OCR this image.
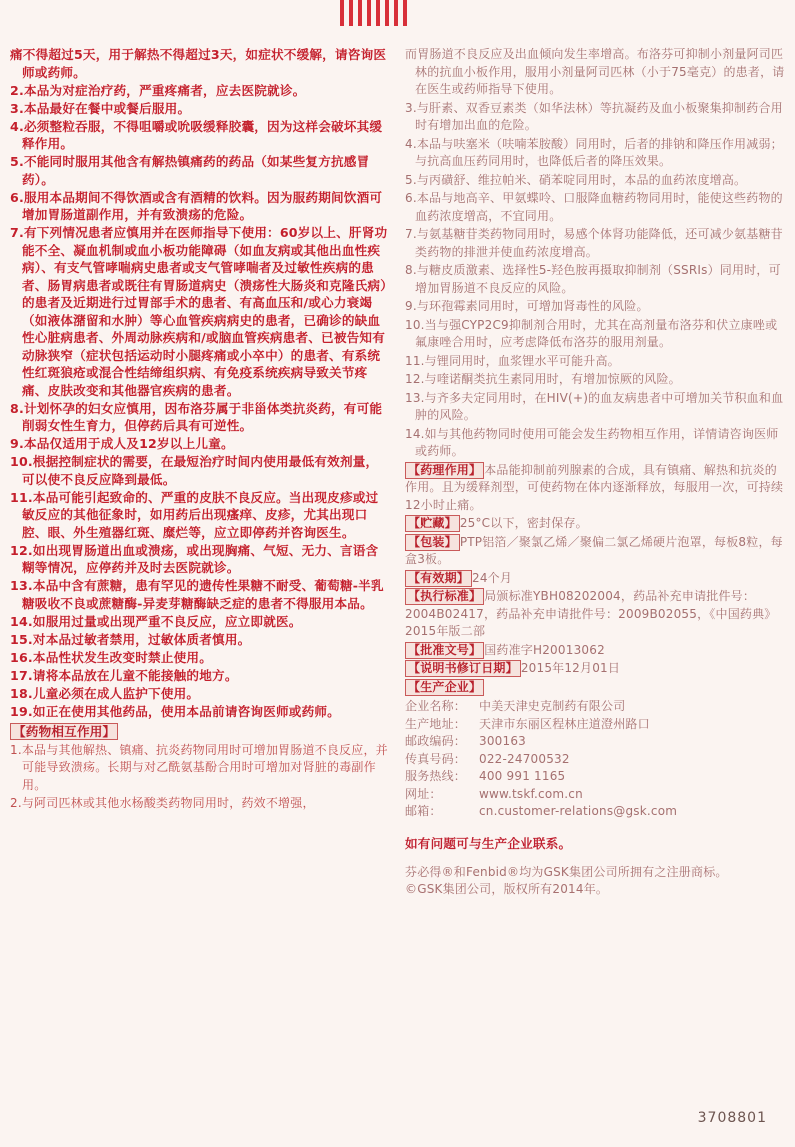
痛不得超过5天，用于解热不得超过3天，如症状不缓解，请咨询医师或药师。

2.本品为对症治疗药，严重疼痛者，应去医院就诊。

3.本品最好在餐中或餐后服用。

4.必须整粒吞服，不得咀嚼或吮吸缓释胶囊，因为这样会破坏其缓释作用。

5.不能同时服用其他含有解热镇痛药的药品（如某些复方抗感冒药）。

6.服用本品期间不得饮酒或含有酒精的饮料。因为服药期间饮酒可增加胃肠道副作用，并有致溃疡的危险。

7.有下列情况患者应慎用并在医师指导下使用：60岁以上、肝肾功能不全、凝血机制或血小板功能障碍（如血友病或其他出血性疾病）、有支气管哮喘病史患者或支气管哮喘者及过敏性疾病的患者、肠胃病患者或既往有胃肠道病史（溃疡性大肠炎和克隆氏病）的患者及近期进行过胃部手术的患者、有高血压和/或心力衰竭（如液体潴留和水肿）等心血管疾病病史的患者，已确诊的缺血性心脏病患者、外周动脉疾病和/或脑血管疾病患者、已被告知有动脉狭窄（症状包括运动时小腿疼痛或小卒中）的患者、有系统性红斑狼疮或混合性结缔组织病、有免疫系统疾病导致关节疼痛、皮肤改变和其他器官疾病的患者。

8.计划怀孕的妇女应慎用，因布洛芬属于非甾体类抗炎药，有可能削弱女性生育力，但停药后具有可逆性。

9.本品仅适用于成人及12岁以上儿童。

10.根据控制症状的需要，在最短治疗时间内使用最低有效剂量，可以使不良反应降到最低。

11.本品可能引起致命的、严重的皮肤不良反应。当出现皮疹或过敏反应的其他征象时，如用药后出现瘙痒、皮疹，尤其出现口腔、眼、外生殖器红斑、糜烂等，应立即停药并咨询医生。

12.如出现胃肠道出血或溃疡，或出现胸痛、气短、无力、言语含糊等情况，应停药并及时去医院就诊。

13.本品中含有蔗糖，患有罕见的遗传性果糖不耐受、葡萄糖-半乳糖吸收不良或蔗糖酶-异麦芽糖酶缺乏症的患者不得服用本品。

14.如服用过量或出现严重不良反应，应立即就医。

15.对本品过敏者禁用，过敏体质者慎用。

16.本品性状发生改变时禁止使用。

17.请将本品放在儿童不能接触的地方。

18.儿童必须在成人监护下使用。

19.如正在使用其他药品，使用本品前请咨询医师或药师。

【药物相互作用】

1.本品与其他解热、镇痛、抗炎药物同用时可增加胃肠道不良反应，并可能导致溃疡。长期与对乙酰氨基酚合用时可增加对肾脏的毒副作用。

2.与阿司匹林或其他水杨酸类药物同用时，药效不增强，

而胃肠道不良反应及出血倾向发生率增高。布洛芬可抑制小剂量阿司匹林的抗血小板作用，服用小剂量阿司匹林（小于75毫克）的患者，请在医生或药师指导下使用。

3.与肝素、双香豆素类（如华法林）等抗凝药及血小板聚集抑制药合用时有增加出血的危险。

4.本品与呋塞米（呋喃苯胺酸）同用时，后者的排钠和降压作用减弱；与抗高血压药同用时，也降低后者的降压效果。

5.与丙磺舒、维拉帕米、硝苯啶同用时，本品的血药浓度增高。

6.本品与地高辛、甲氨蝶呤、口服降血糖药物同用时，能使这些药物的血药浓度增高，不宜同用。

7.与氨基糖苷类药物同用时，易感个体肾功能降低，还可减少氨基糖苷类药物的排泄并使血药浓度增高。

8.与糖皮质激素、选择性5-羟色胺再摄取抑制剂（SSRIs）同用时，可增加胃肠道不良反应的风险。

9.与环孢霉素同用时，可增加肾毒性的风险。

10.当与强CYP2C9抑制剂合用时，尤其在高剂量布洛芬和伏立康唑或氟康唑合用时，应考虑降低布洛芬的服用剂量。

11.与锂同用时，血浆锂水平可能升高。

12.与喹诺酮类抗生素同用时，有增加惊厥的风险。

13.与齐多夫定同用时，在HIV(+)的血友病患者中可增加关节积血和血肿的风险。

14.如与其他药物同时使用可能会发生药物相互作用，详情请咨询医师或药师。

【药理作用】 本品能抑制前列腺素的合成，具有镇痛、解热和抗炎的作用。且为缓释剂型，可使药物在体内逐渐释放，每服用一次，可持续12小时止痛。

【贮藏】 25°C以下，密封保存。

【包装】 PTP铝箔／聚氯乙烯／聚偏二氯乙烯硬片泡罩，每板8粒，每盒3板。

【有效期】 24个月

【执行标准】 局颁标准YBH08202004，药品补充申请批件号：2004B02417，药品补充申请批件号：2009B02055，《中国药典》2015年版二部

【批准文号】 国药准字H20013062

【说明书修订日期】 2015年12月01日

【生产企业】

企业名称：	中美天津史克制药有限公司
生产地址：	天津市东丽区程林庄道澄州路口
邮政编码：	300163
传真号码：	022-24700532
服务热线：	400 991 1165
网址：	www.tskf.com.cn
邮箱：	cn.customer-relations@gsk.com
如有问题可与生产企业联系。
芬必得®和Fenbid®均为GSK集团公司所拥有之注册商标。
©GSK集团公司，版权所有2014年。
3708801
